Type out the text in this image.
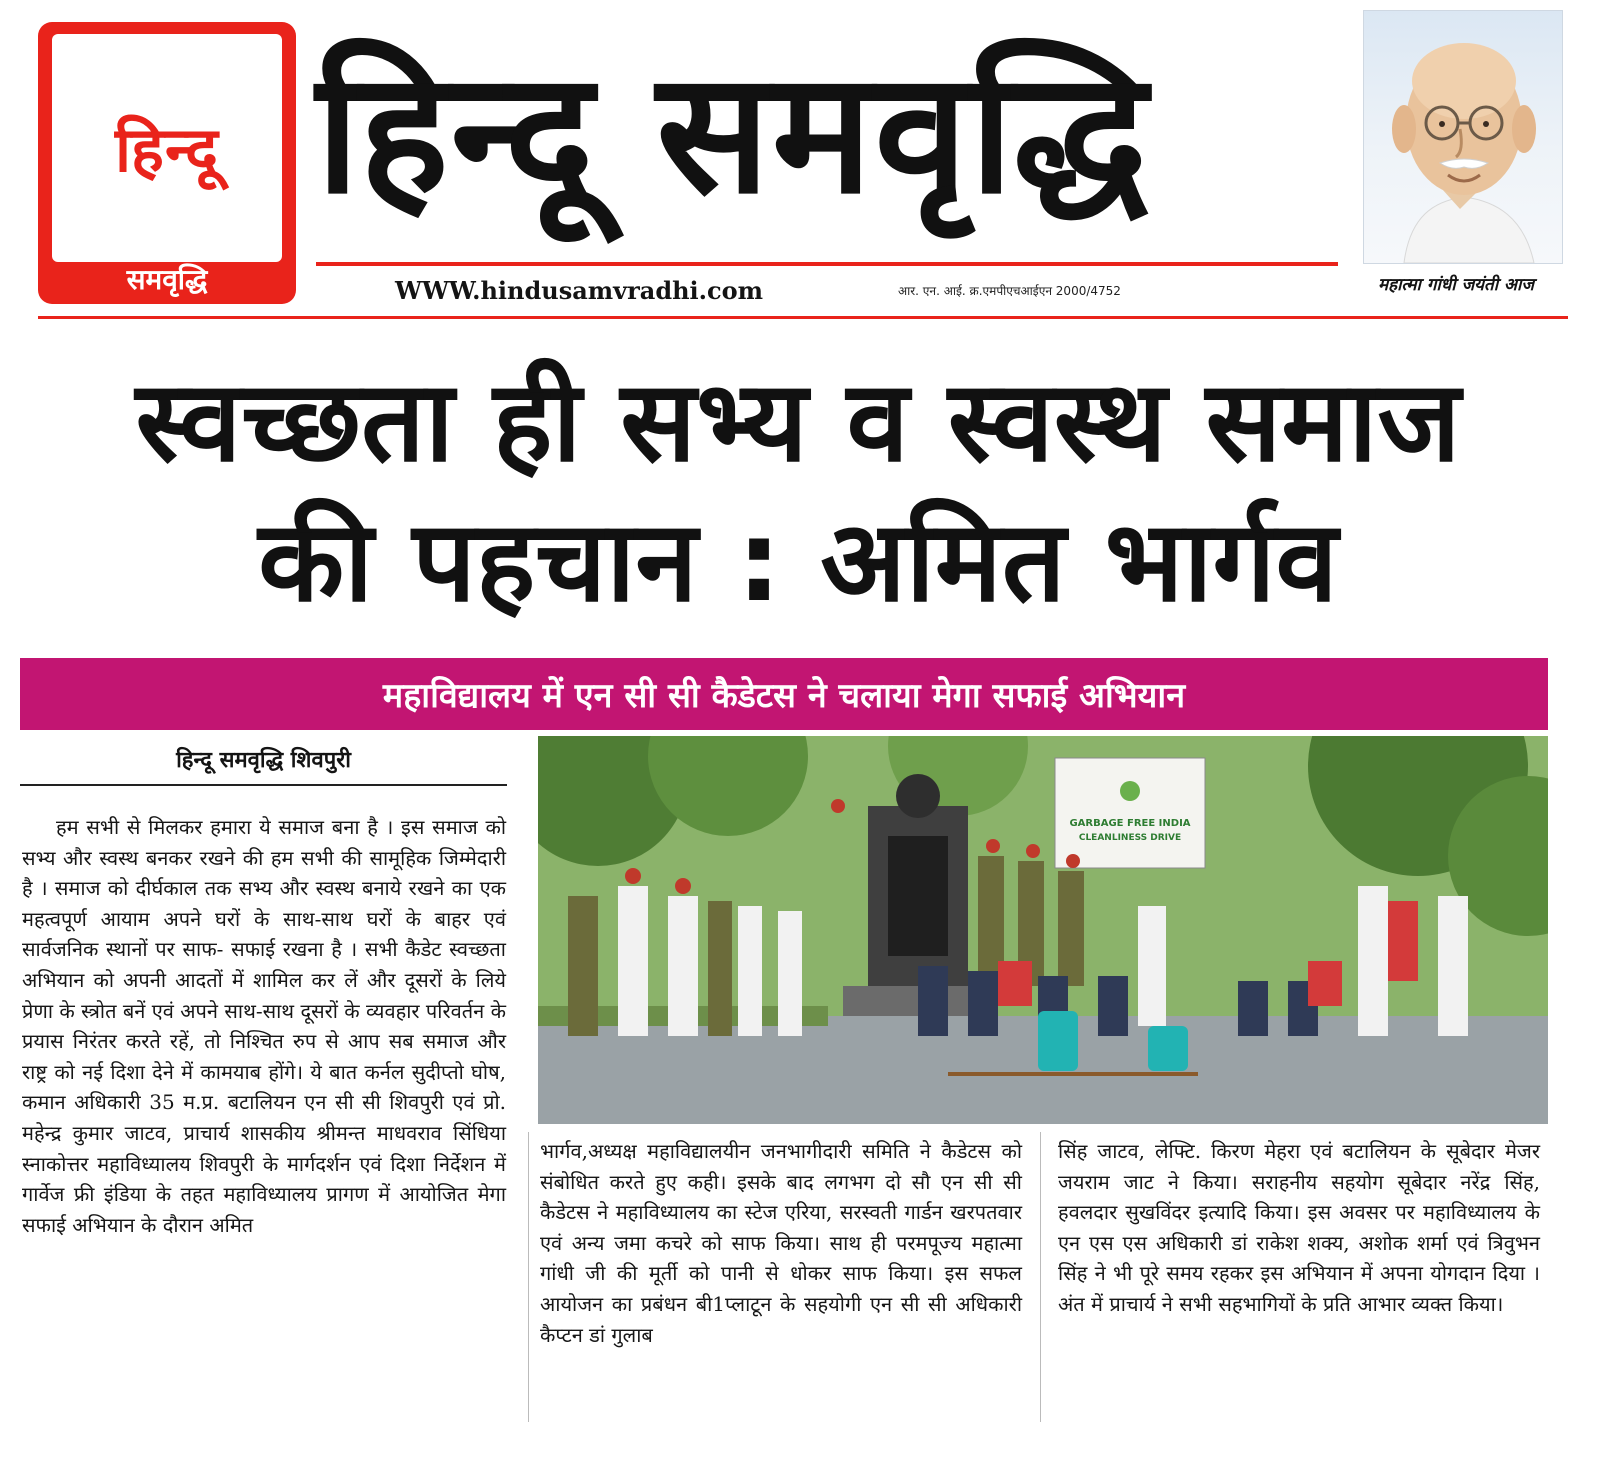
हिन्दू
समवृद्धि
हिन्दू समवृद्धि
WWW.hindusamvradhi.com	आर. एन. आई. क्र.एमपीएचआईएन 2000/4752	महात्मा गांधी जयंती आज
स्वच्छता ही सभ्य व स्वस्थ समाज
की पहचान : अमित भार्गव
महाविद्यालय में एन सी सी कैडेटस ने चलाया मेगा सफाई अभियान
हिन्दू समवृद्धि शिवपुरी

हम सभी से मिलकर हमारा ये समाज बना है । इस समाज को सभ्य और स्वस्थ बनकर रखने की हम सभी की सामूहिक जिम्मेदारी है । समाज को दीर्घकाल तक सभ्य और स्वस्थ बनाये रखने का एक महत्वपूर्ण आयाम अपने घरों के साथ-साथ घरों के बाहर एवं सार्वजनिक स्थानों पर साफ- सफाई रखना है । सभी कैडेट स्वच्छता अभियान को अपनी आदतों में शामिल कर लें और दूसरों के लिये प्रेणा के स्त्रोत बनें एवं अपने साथ-साथ दूसरों के व्यवहार परिवर्तन के प्रयास निरंतर करते रहें, तो निश्चित रुप से आप सब समाज और राष्ट्र को नई दिशा देने में कामयाब होंगे। ये बात कर्नल सुदीप्तो घोष, कमान अधिकारी 35 म.प्र. बटालियन एन सी सी शिवपुरी एवं प्रो. महेन्द्र कुमार जाटव, प्राचार्य शासकीय श्रीमन्त माधवराव सिंधिया स्नाकोत्तर महाविध्यालय शिवपुरी के मार्गदर्शन एवं दिशा निर्देशन में गार्वेज फ्री इंडिया के तहत महाविध्यालय प्रागण में आयोजित मेगा सफाई अभियान के दौरान अमित

भार्गव,अध्यक्ष महाविद्यालयीन जनभागीदारी समिति ने कैडेटस को संबोधित करते हुए कही। इसके बाद लगभग दो सौ एन सी सी कैडेटस ने महाविध्यालय का स्टेज एरिया, सरस्वती गार्डन खरपतवार एवं अन्य जमा कचरे को साफ किया। साथ ही परमपूज्य महात्मा गांधी जी की मूर्ती को पानी से धोकर साफ किया। इस सफल आयोजन का प्रबंधन बी1प्लाटून के सहयोगी एन सी सी अधिकारी कैप्टन डां गुलाब

सिंह जाटव, लेफ्टि. किरण मेहरा एवं बटालियन के सूबेदार मेजर जयराम जाट ने किया। सराहनीय सहयोग सूबेदार नरेंद्र सिंह, हवलदार सुखविंदर इत्यादि किया। इस अवसर पर महाविध्यालय के एन एस एस अधिकारी डां राकेश शक्य, अशोक शर्मा एवं त्रिवुभन सिंह ने भी पूरे समय रहकर इस अभियान में अपना योगदान दिया । अंत में प्राचार्य ने सभी सहभागियों के प्रति आभार व्यक्त किया।

GARBAGE FREE INDIA
CLEANLINESS DRIVE
